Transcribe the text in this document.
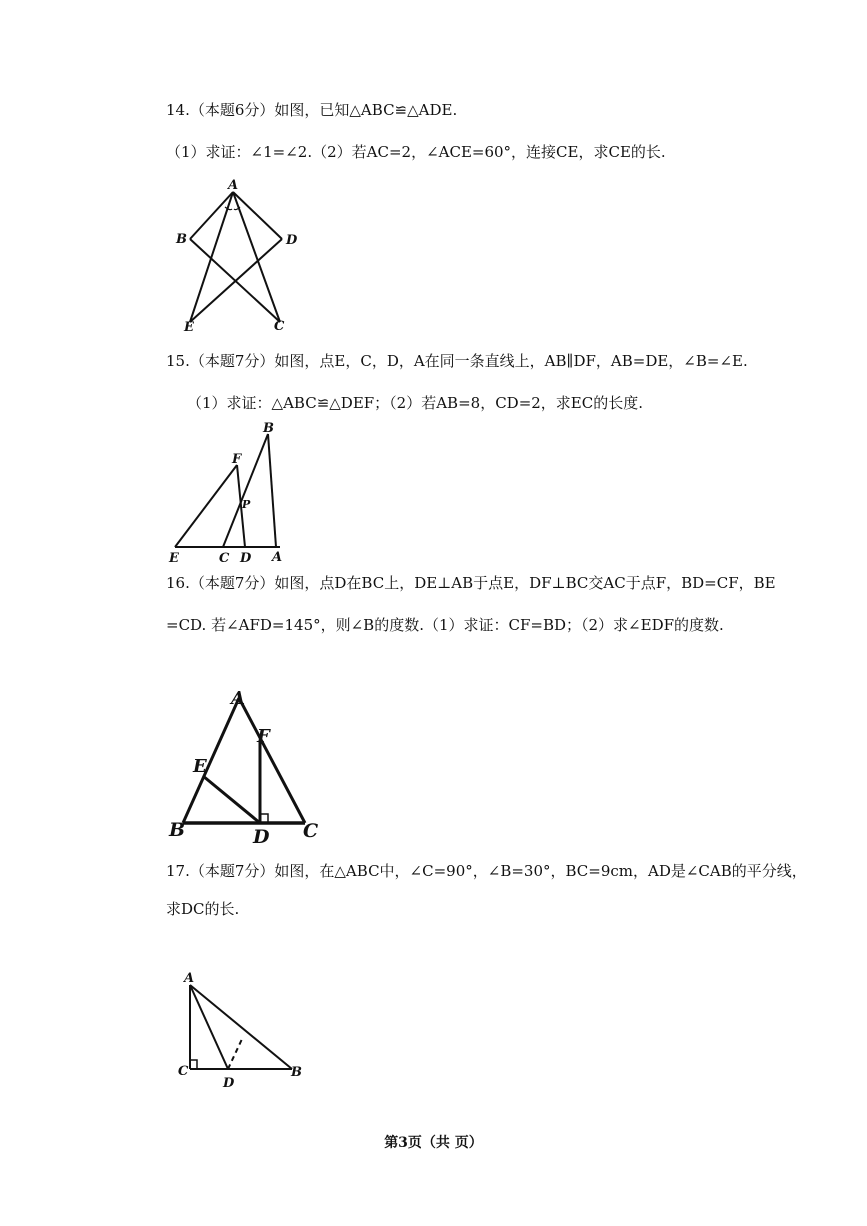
14.（本题6分）如图，已知△ABC≌△ADE.
（1）求证：∠1=∠2.（2）若AC=2，∠ACE=60°，连接CE，求CE的长.
A
B	D
E	C
15.（本题7分）如图，点E，C，D，A在同一条直线上，AB∥DF，AB=DE，∠B=∠E.
（1）求证：△ABC≌△DEF；（2）若AB=8，CD=2，求EC的长度.
B
F
P
E	C D A
16.（本题7分）如图，点D在BC上，DE⊥AB于点E，DF⊥BC交AC于点F，BD=CF，BE
=CD. 若∠AFD=145°，则∠B的度数.（1）求证：CF=BD；（2）求∠EDF的度数.
A
F
E
B	D C
17.（本题7分）如图，在△ABC中，∠C=90°，∠B=30°，BC=9cm，AD是∠CAB的平分线，
求DC的长.
A
C
D
B
第3页（共 页）
